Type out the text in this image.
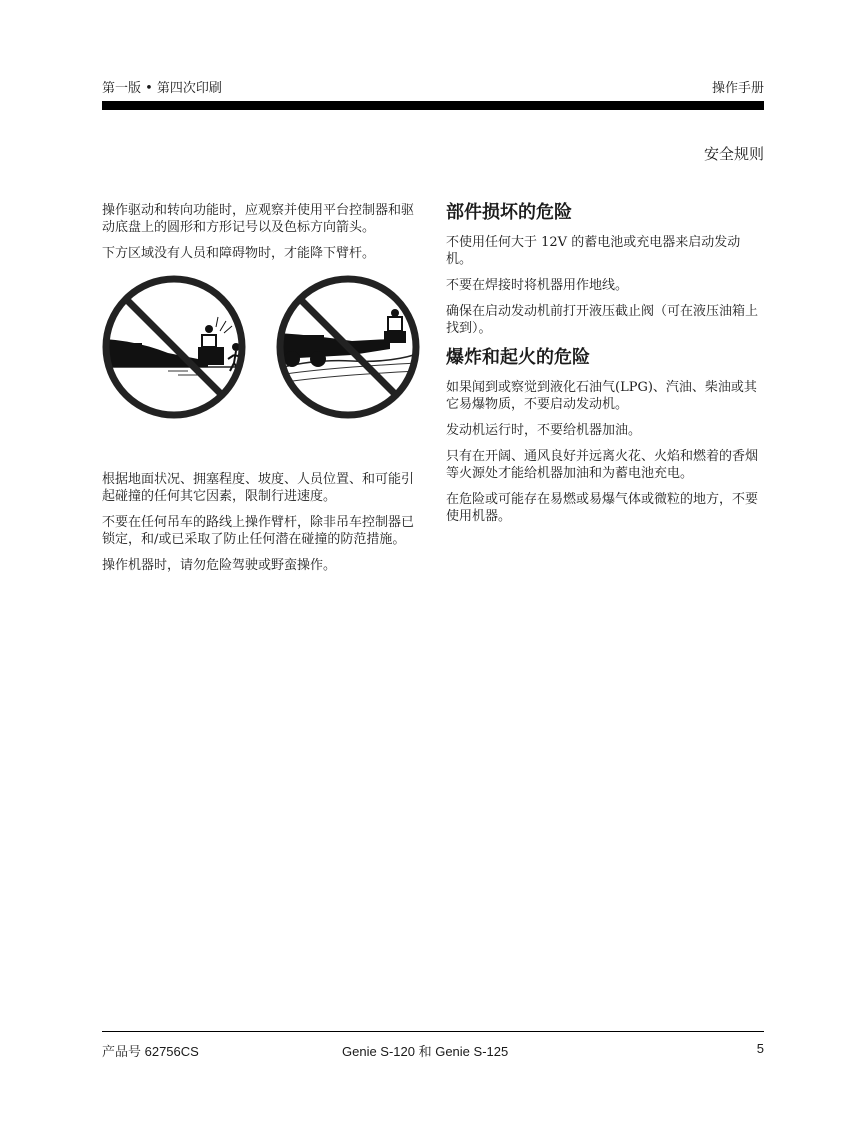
第一版 • 第四次印刷	操作手册
安全规则

操作驱动和转向功能时，应观察并使用平台控制器和驱动底盘上的圆形和方形记号以及色标方向箭头。

下方区域没有人员和障碍物时，才能降下臂杆。

根据地面状况、拥塞程度、坡度、人员位置、和可能引起碰撞的任何其它因素，限制行进速度。

不要在任何吊车的路线上操作臂杆，除非吊车控制器已锁定，和/或已采取了防止任何潜在碰撞的防范措施。

操作机器时，请勿危险驾驶或野蛮操作。

部件损坏的危险

不使用任何大于 12V 的蓄电池或充电器来启动发动机。

不要在焊接时将机器用作地线。

确保在启动发动机前打开液压截止阀（可在液压油箱上找到）。

爆炸和起火的危险

如果闻到或察觉到液化石油气(LPG)、汽油、柴油或其它易爆物质，不要启动发动机。

发动机运行时，不要给机器加油。

只有在开阔、通风良好并远离火花、火焰和燃着的香烟等火源处才能给机器加油和为蓄电池充电。

在危险或可能存在易燃或易爆气体或微粒的地方，不要使用机器。

产品号 62756CS	Genie S-120 和 Genie S-125	5
